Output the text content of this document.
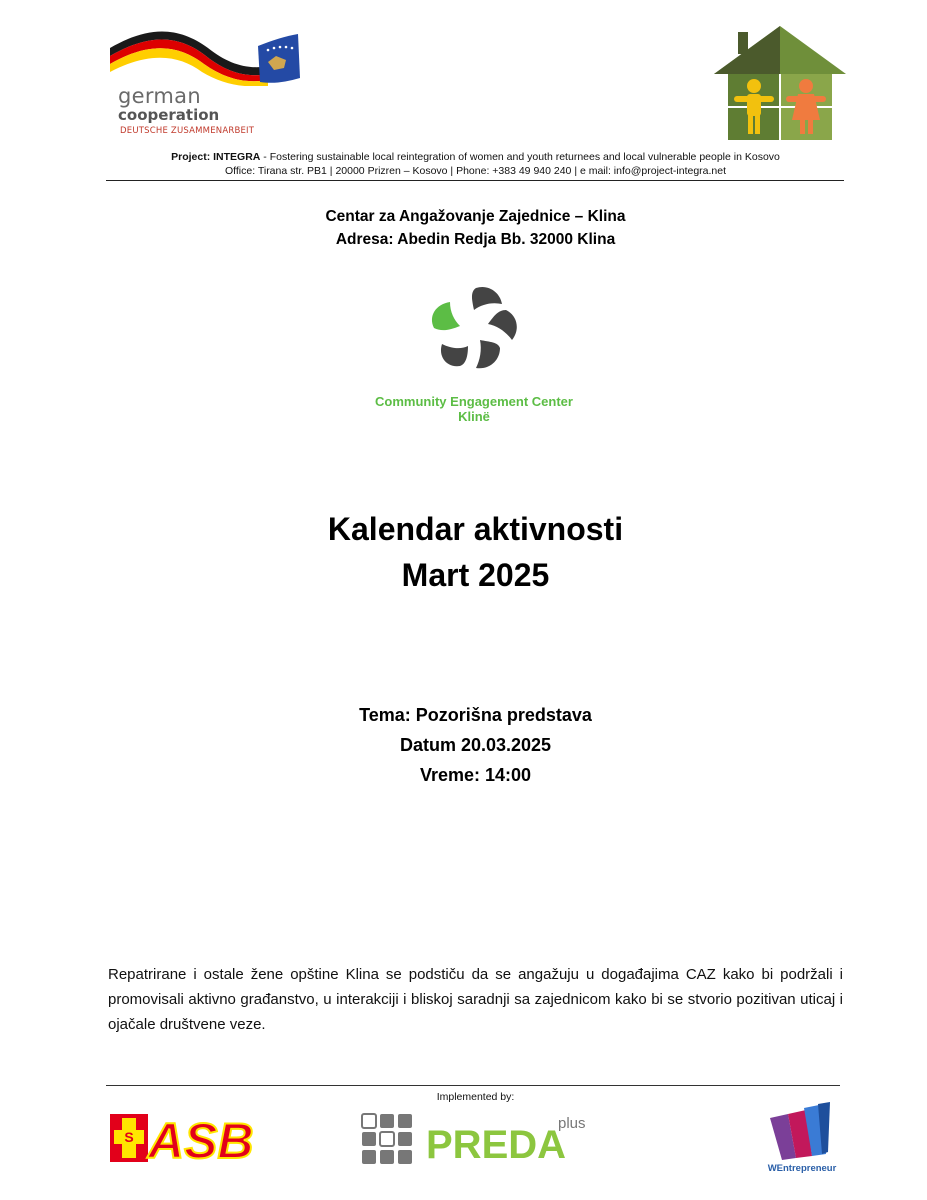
german
cooperation
DEUTSCHE ZUSAMMENARBEIT
Project: INTEGRA - Fostering sustainable local reintegration of women and youth returnees and local vulnerable people in Kosovo
Office: Tirana str. PB1 | 20000 Prizren – Kosovo | Phone: +383 49 940 240 | e mail: info@project-integra.net
Centar za Angažovanje Zajednice – Klina
Adresa: Abedin Redja Bb. 32000 Klina
Community Engagement Center
Klinë
Kalendar aktivnosti
Mart 2025
Tema: Pozorišna predstava
Datum 20.03.2025
Vreme: 14:00
Repatrirane i ostale žene opštine Klina se podstiču da se angažuju u događajima CAZ kako bi podržali i promovisali aktivno građanstvo, u interakciji i bliskoj saradnji sa zajednicom kako bi se stvorio pozitivan uticaj i ojačale društvene veze.
Implemented by:
S ASB	PREDA
plus
WEntrepreneur
